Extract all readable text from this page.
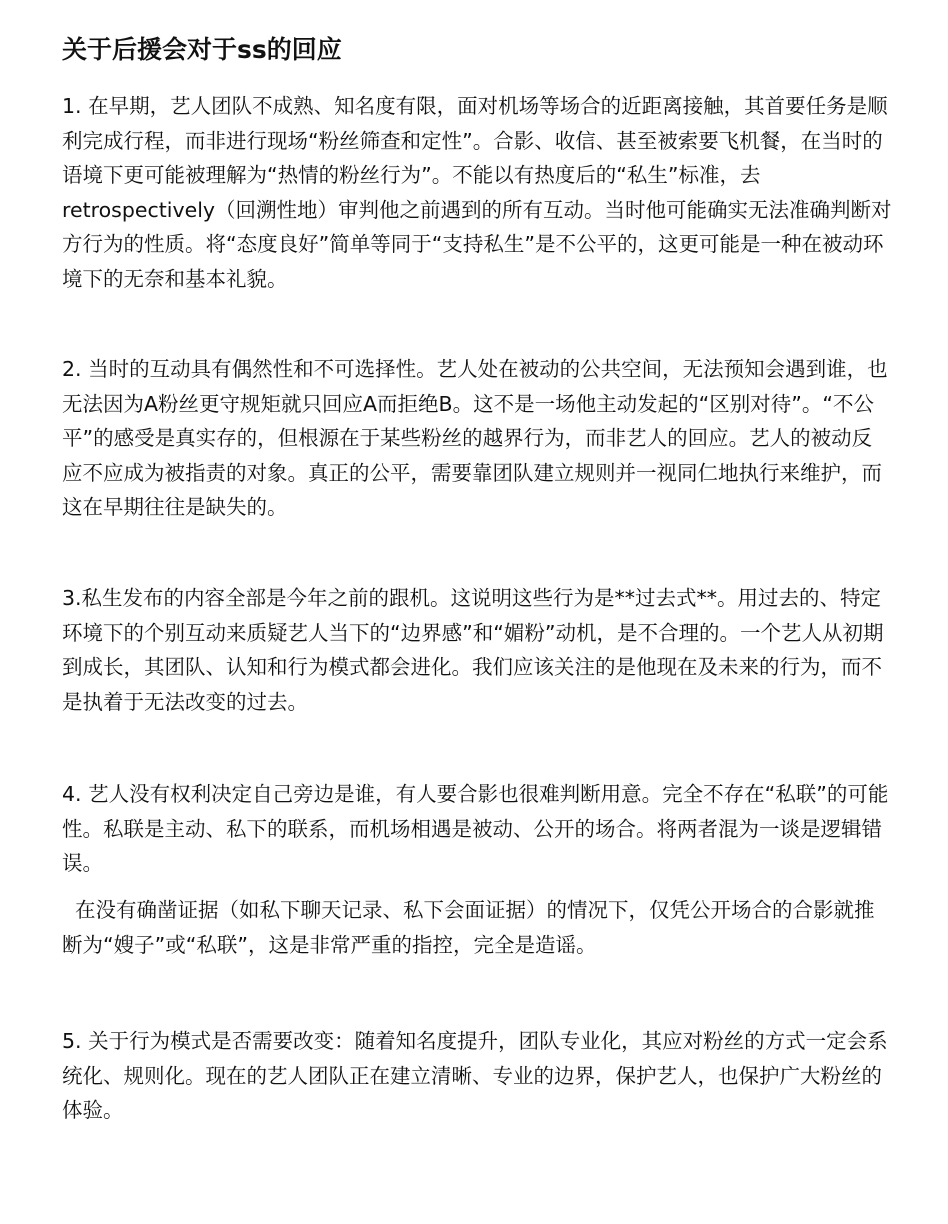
关于后援会对于ss的回应

1. 在早期，艺人团队不成熟、知名度有限，面对机场等场合的近距离接触，其首要任务是顺利完成行程，而非进行现场“粉丝筛查和定性”。合影、收信、甚至被索要飞机餐，在当时的语境下更可能被理解为“热情的粉丝行为”。不能以有热度后的“私生”标准，去retrospectively（回溯性地）审判他之前遇到的所有互动。当时他可能确实无法准确判断对方行为的性质。将“态度良好”简单等同于“支持私生”是不公平的，这更可能是一种在被动环境下的无奈和基本礼貌。

2. 当时的互动具有偶然性和不可选择性。艺人处在被动的公共空间，无法预知会遇到谁，也无法因为A粉丝更守规矩就只回应A而拒绝B。这不是一场他主动发起的“区别对待”。“不公平”的感受是真实存的，但根源在于某些粉丝的越界行为，而非艺人的回应。艺人的被动反应不应成为被指责的对象。真正的公平，需要靠团队建立规则并一视同仁地执行来维护，而这在早期往往是缺失的。

3.私生发布的内容全部是今年之前的跟机。这说明这些行为是**过去式**。用过去的、特定环境下的个别互动来质疑艺人当下的“边界感”和“媚粉”动机，是不合理的。一个艺人从初期到成长，其团队、认知和行为模式都会进化。我们应该关注的是他现在及未来的行为，而不是执着于无法改变的过去。

4. 艺人没有权利决定自己旁边是谁，有人要合影也很难判断用意。完全不存在“私联”的可能性。私联是主动、私下的联系，而机场相遇是被动、公开的场合。将两者混为一谈是逻辑错误。

在没有确凿证据（如私下聊天记录、私下会面证据）的情况下，仅凭公开场合的合影就推断为“嫂子”或“私联”，这是非常严重的指控，完全是造谣。

5. 关于行为模式是否需要改变：随着知名度提升，团队专业化，其应对粉丝的方式一定会系统化、规则化。现在的艺人团队正在建立清晰、专业的边界，保护艺人，也保护广大粉丝的体验。
